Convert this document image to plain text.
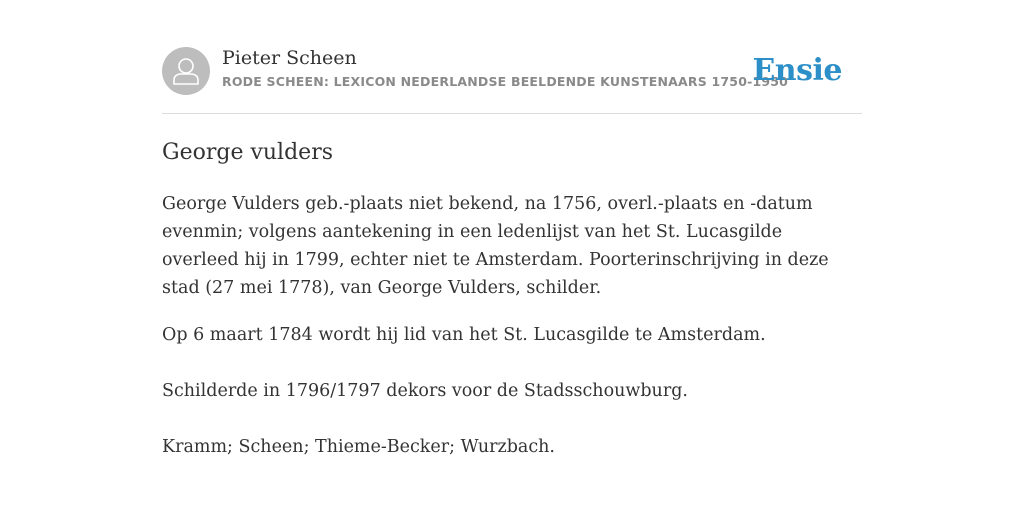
Pieter Scheen
RODE SCHEEN: LEXICON NEDERLANDSE BEELDENDE KUNSTENAARS 1750-1950
Ensie
George vulders

George Vulders geb.-plaats niet bekend, na 1756, overl.-plaats en -datum evenmin; volgens aantekening in een ledenlijst van het St. Lucasgilde overleed hij in 1799, echter niet te Amsterdam. Poorterinschrijving in deze stad (27 mei 1778), van George Vulders, schilder.

Op 6 maart 1784 wordt hij lid van het St. Lucasgilde te Amsterdam.

Schilderde in 1796/1797 dekors voor de Stadsschouwburg.

Kramm; Scheen; Thieme-Becker; Wurzbach.
